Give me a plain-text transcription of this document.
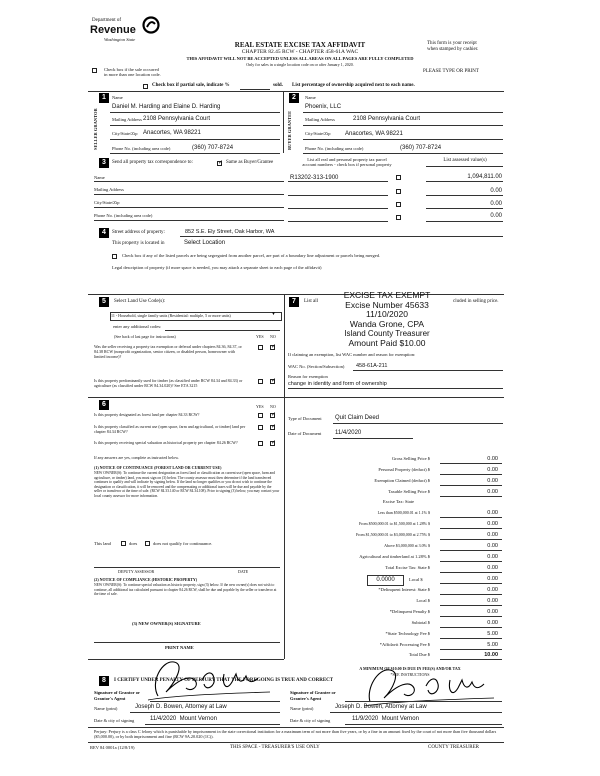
Department of
Revenue
Washington State
REAL ESTATE EXCISE TAX AFFIDAVIT
CHAPTER 82.45 RCW - CHAPTER 458-61A WAC
THIS AFFIDAVIT WILL NOT BE ACCEPTED UNLESS ALL AREAS ON ALL PAGES ARE FULLY COMPLETED
Only for sales in a single location code on or after January 1, 2020.
This form is your receipt
when stamped by cashier.
PLEASE TYPE OR PRINT
Check box if the sale occurred
in more than one location code.
Check box if partial sale, indicate %	sold. List percentage of ownership acquired next to each name.
1
SELLER GRANTOR
Name
Daniel M. Harding and Elaine D. Harding
Mailing Address 2108 Pennsylvania Court
City/State/Zip Anacortes, WA 98221
Phone No. (including area code)	(360) 707-8724
2
BUYER GRANTEE
Name
Phoenix, LLC
Mailing Address	2108 Pennsylvania Court
City/State/Zip Anacortes, WA 98221
Phone No. (including area code)	(360) 707-8724
3	Send all property tax correspondence to:
✓	Same as Buyer/Grantee
List all real and personal property tax parcel
account numbers - check box if personal property
List assessed value(s)
Name
Mailing Address
City/State/Zip
Phone No. (including area code)
R13202-313-1900	1,094,811.00
0.00
0.00
0.00
4	Street address of property:	852 S.E. Ely Street, Oak Harbor, WA
This property is located in	Select Location
Check box if any of the listed parcels are being segregated from another parcel, are part of a boundary line adjustment or parcels being merged.
Legal description of property (if more space is needed, you may attach a separate sheet to each page of the affidavit)
5	Select Land Use Code(s):
11 - Household, single family units (Residential: multiple, 5 or more units)	▼
enter any additional codes:
(See back of last page for instructions)	YES NO
Was the seller receiving a property tax exemption or deferral under chapters 84.36, 84.37, or 84.38 RCW (nonprofit organization, senior citizen, or disabled person, homeowner with limited income)?
✓
Is this property predominantly used for timber (as classified under RCW 84.34 and 84.33) or agriculture (as classified under RCW 84.34.020)? See ETA 3215
✓
6	YES NO
Is this property designated as forest land per chapter 84.33 RCW?
✓
Is this property classified as current use (open space, farm and agricultural, or timber) land per chapter 84.34 RCW?
✓
Is this property receiving special valuation as historical property per chapter 84.26 RCW?
✓
If any answers are yes, complete as instructed below.
(1) NOTICE OF CONTINUANCE (FOREST LAND OR CURRENT USE)
NEW OWNER(S): To continue the current designation as forest land or classification as current use (open space, farm and agriculture, or timber) land, you must sign on (3) below. The county assessor must then determine if the land transferred continues to qualify and will indicate by signing below. If the land no longer qualifies or you do not wish to continue the designation or classification, it will be removed and the compensating or additional taxes will be due and payable by the seller or transferor at the time of sale. (RCW 84.33.140 or RCW 84.34.108). Prior to signing (3) below, you may contact your local county assessor for more information.
This land	does	does not qualify for continuance.
DEPUTY ASSESSOR	DATE
(2) NOTICE OF COMPLIANCE (HISTORIC PROPERTY)
NEW OWNER(S): To continue special valuation as historic property, sign (3) below. If the new owner(s) does not wish to continue, all additional tax calculated pursuant to chapter 84.26 RCW, shall be due and payable by the seller or transferor at the time of sale.
(3) NEW OWNER(S) SIGNATURE
PRINT NAME
7	List all	cluded in selling price.
EXCISE TAX EXEMPT
Excise Number 45633
11/10/2020
Wanda Grone, CPA
Island County Treasurer
Amount Paid $10.00
If claiming an exemption, list WAC number and reason for exemption:
WAC No. (Section/Subsection) 458-61A-211
Reason for exemption
change in identity and form of ownership
Type of Document Quit Claim Deed
Date of Document 11/4/2020
Gross Selling Price $	0.00
Personal Property (deduct) $	0.00
Exemption Claimed (deduct) $	0.00
Taxable Selling Price $	0.00
Excise Tax: State
Less than $500,000.01 at 1.1% $	0.00
From $500,000.01 to $1,500,000 at 1.28% $	0.00
From $1,500,000.01 to $3,000,000 at 2.75% $	0.00
Above $3,000,000 at 3.0% $	0.00
Agricultural and timberland at 1.28% $	0.00
Total Excise Tax: State $	0.00
0.0000	Local $	0.00
*Delinquent Interest: State $	0.00
Local $	0.00
*Delinquent Penalty $	0.00
Subtotal $	0.00
*State Technology Fee $	5.00
*Affidavit Processing Fee $	5.00
Total Due $	10.00
A MINIMUM OF $10.00 IS DUE IN FEE(S) AND/OR TAX
*SEE INSTRUCTIONS
8	I CERTIFY UNDER PENALTY OF PERJURY THAT THE FOREGOING IS TRUE AND CORRECT
Signature of Grantor or Grantor's Agent
Signature of Grantee or Grantee's Agent
Name (print)	Joseph D. Bowen, Attorney at Law	Name (print)	Joseph D. Bowen, Attorney at Law
Date & city of signing	11/4/2020  Mount Vernon	Date & city of signing	11/9/2020  Mount Vernon
Perjury: Perjury is a class C felony which is punishable by imprisonment in the state correctional institution for a maximum term of not more than five years, or by a fine in an amount fixed by the court of not more than five thousand dollars ($5,000.00), or by both imprisonment and fine (RCW 9A.20.020 (1C)).
REV 84 0001a (12/8/19)	THIS SPACE - TREASURER'S USE ONLY	COUNTY TREASURER
